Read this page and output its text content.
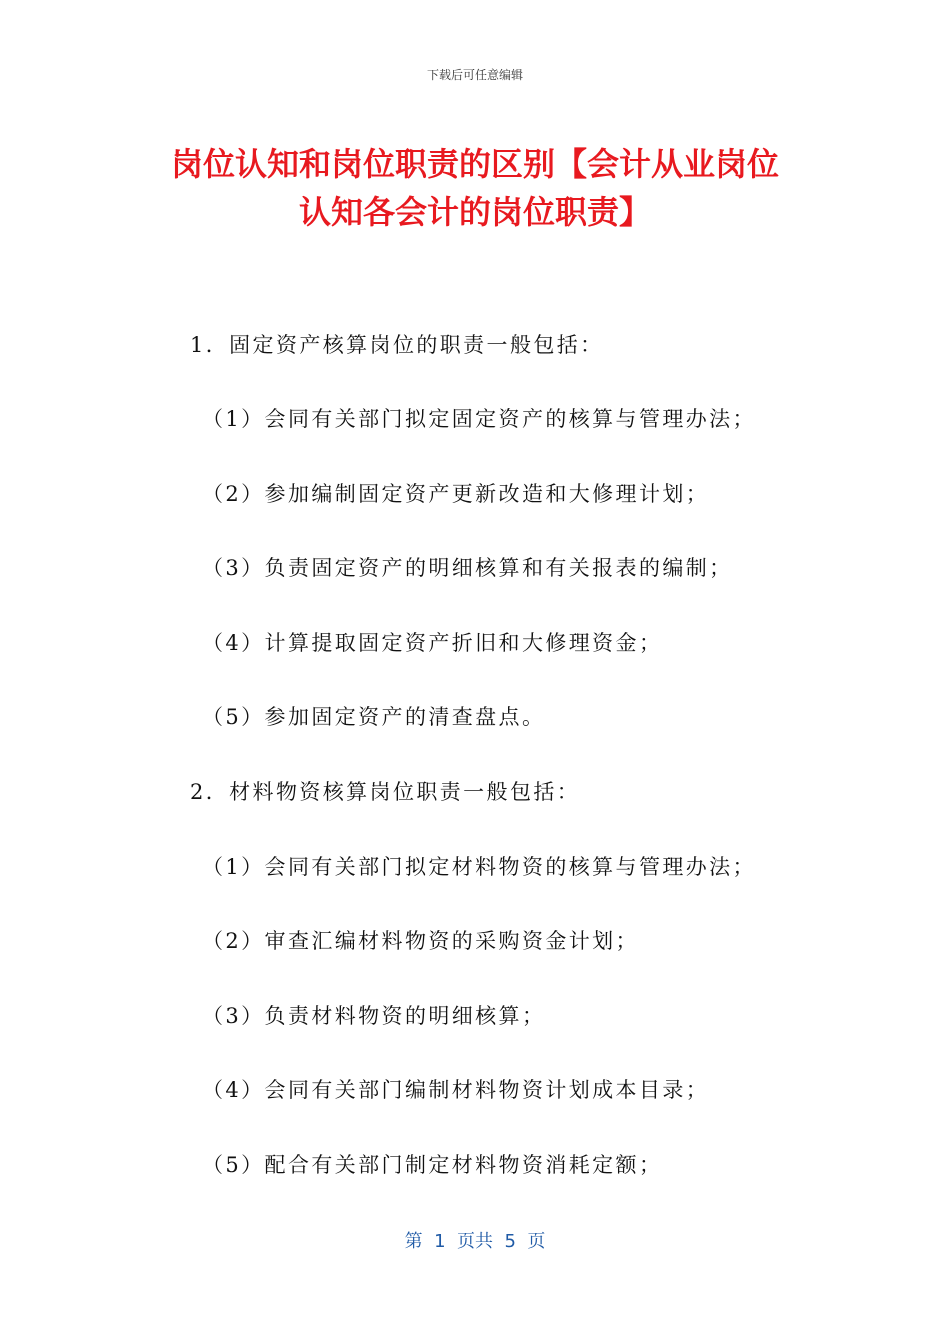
下载后可任意编辑
岗位认知和岗位职责的区别【会计从业岗位
认知各会计的岗位职责】
1．固定资产核算岗位的职责一般包括：
（1）会同有关部门拟定固定资产的核算与管理办法；
（2）参加编制固定资产更新改造和大修理计划；
（3）负责固定资产的明细核算和有关报表的编制；
（4）计算提取固定资产折旧和大修理资金；
（5）参加固定资产的清查盘点。
2．材料物资核算岗位职责一般包括：
（1）会同有关部门拟定材料物资的核算与管理办法；
（2）审查汇编材料物资的采购资金计划；
（3）负责材料物资的明细核算；
（4）会同有关部门编制材料物资计划成本目录；
（5）配合有关部门制定材料物资消耗定额；
第  1  页共  5  页
